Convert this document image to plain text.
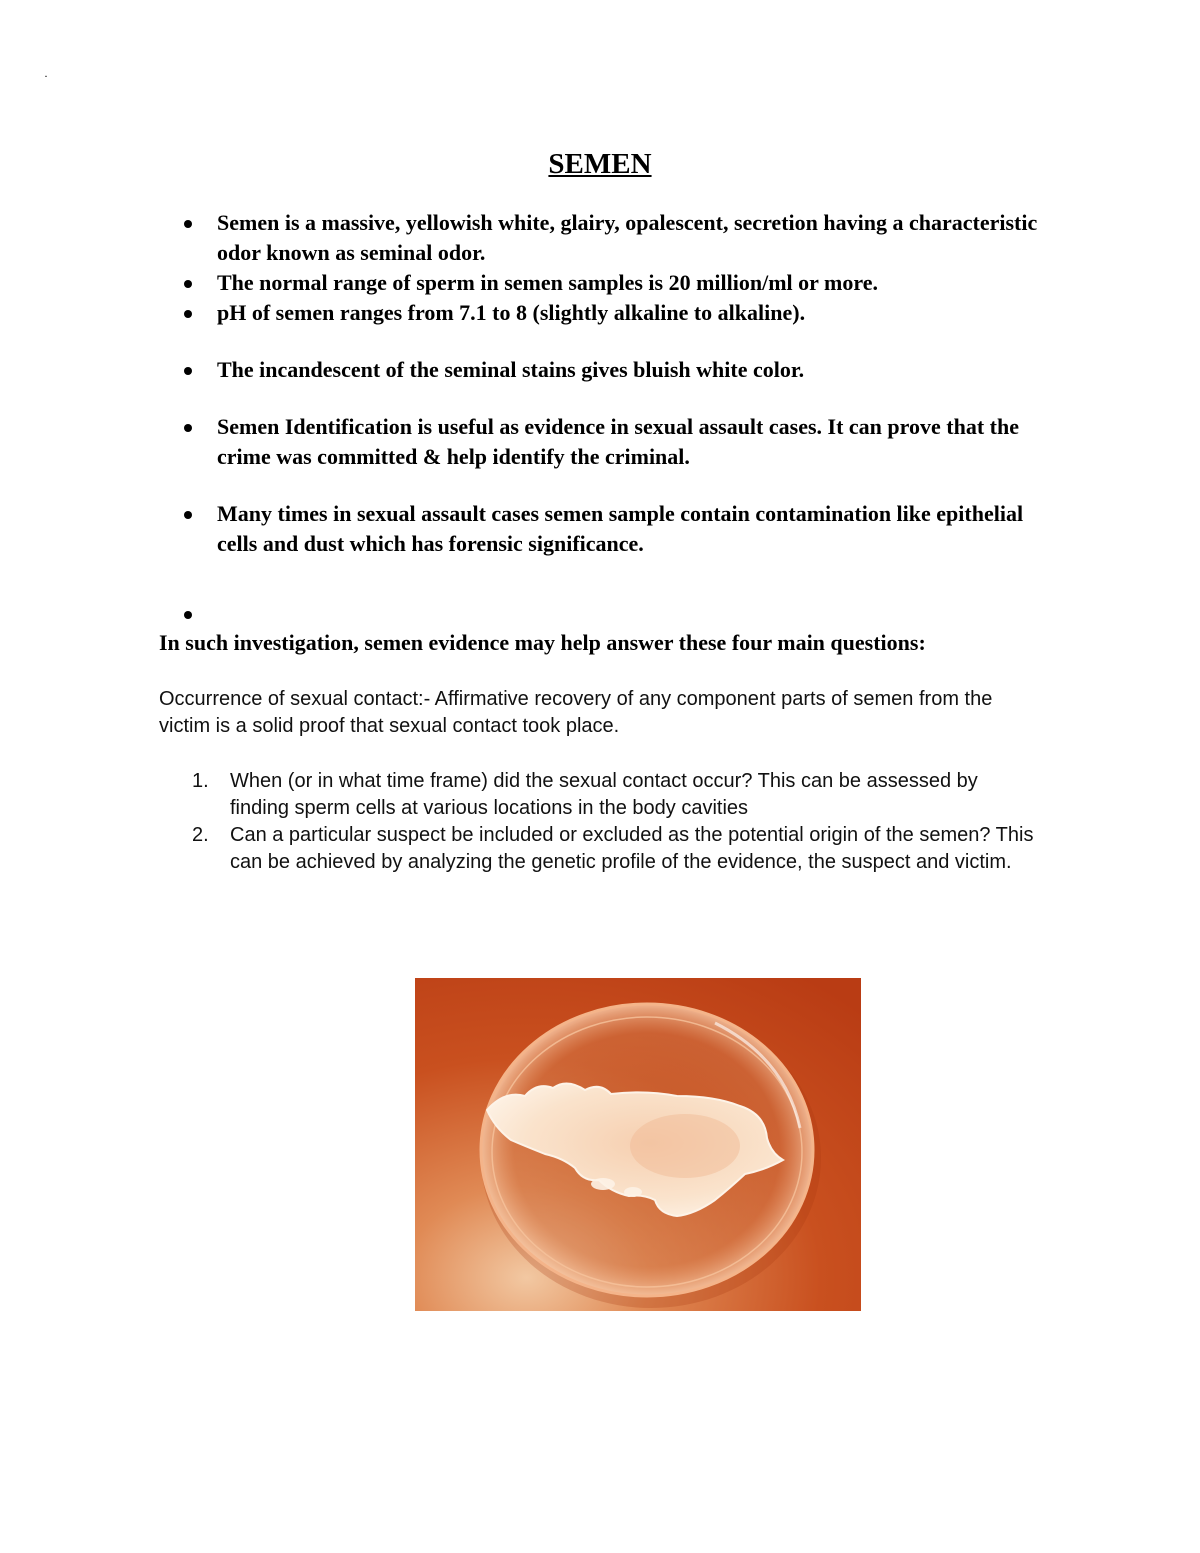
·
SEMEN
Semen is a massive, yellowish white, glairy, opalescent, secretion having a characteristic odor known as seminal odor.
The normal range of sperm in semen samples is 20 million/ml or more.
pH of semen ranges from 7.1 to 8 (slightly alkaline to alkaline).
The incandescent of the seminal stains gives bluish white color.
Semen Identification is useful as evidence in sexual assault cases. It can prove that the crime was committed & help identify the criminal.
Many times in sexual assault cases semen sample contain contamination like epithelial cells and dust which has forensic significance.

In such investigation, semen evidence may help answer these four main questions:

Occurrence of sexual contact:- Affirmative recovery of any component parts of semen from the victim is a solid proof that sexual contact took place.

1. When (or in what time frame) did the sexual contact occur? This can be assessed by finding sperm cells at various locations in the body cavities
2. Can a particular suspect be included or excluded as the potential origin of the semen? This can be achieved by analyzing the genetic profile of the evidence, the suspect and victim.
